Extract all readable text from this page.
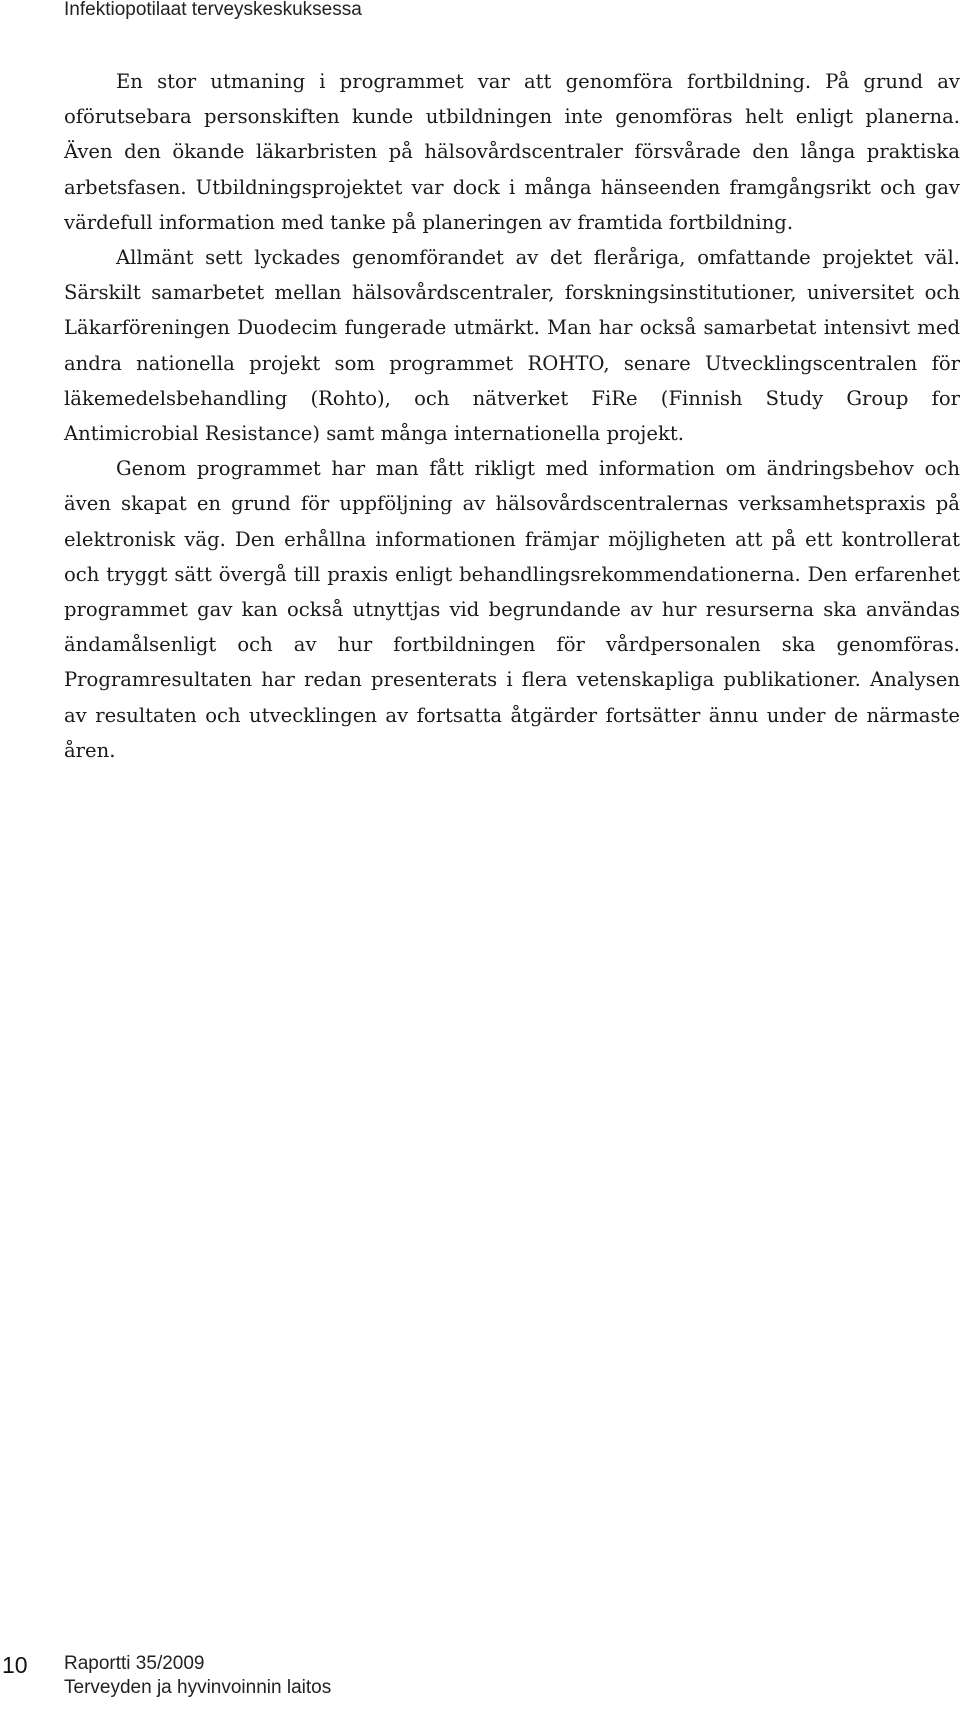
Infektiopotilaat terveyskeskuksessa

En stor utmaning i programmet var att genomföra fortbildning. På grund av oförutsebara personskiften kunde utbildningen inte genomföras helt enligt planerna. Även den ökande läkarbristen på hälsovårdscentraler försvårade den långa praktiska arbetsfasen. Utbildningsprojektet var dock i många hänseenden framgångsrikt och gav värdefull information med tanke på planeringen av framtida fortbildning.

Allmänt sett lyckades genomförandet av det fleråriga, omfattande projektet väl. Särskilt samarbetet mellan hälsovårdscentraler, forskningsinstitutioner, universitet och Läkarföreningen Duodecim fungerade utmärkt. Man har också samarbetat intensivt med andra nationella projekt som programmet ROHTO, senare Utvecklingscentralen för läkemedelsbehandling (Rohto), och nätverket FiRe (Finnish Study Group for Antimicrobial Resistance) samt många internationella projekt.

Genom programmet har man fått rikligt med information om ändringsbehov och även skapat en grund för uppföljning av hälsovårdscentralernas verksamhetspraxis på elektronisk väg. Den erhållna informationen främjar möjligheten att på ett kontrollerat och tryggt sätt övergå till praxis enligt behandlingsrekommendationerna. Den erfarenhet programmet gav kan också utnyttjas vid begrundande av hur resurserna ska användas ändamålsenligt och av hur fortbildningen för vårdpersonalen ska genomföras. Programresultaten har redan presenterats i flera vetenskapliga publikationer. Analysen av resultaten och utvecklingen av fortsatta åtgärder fortsätter ännu under de närmaste åren.

10 Raportti 35/2009
Terveyden ja hyvinvoinnin laitos
